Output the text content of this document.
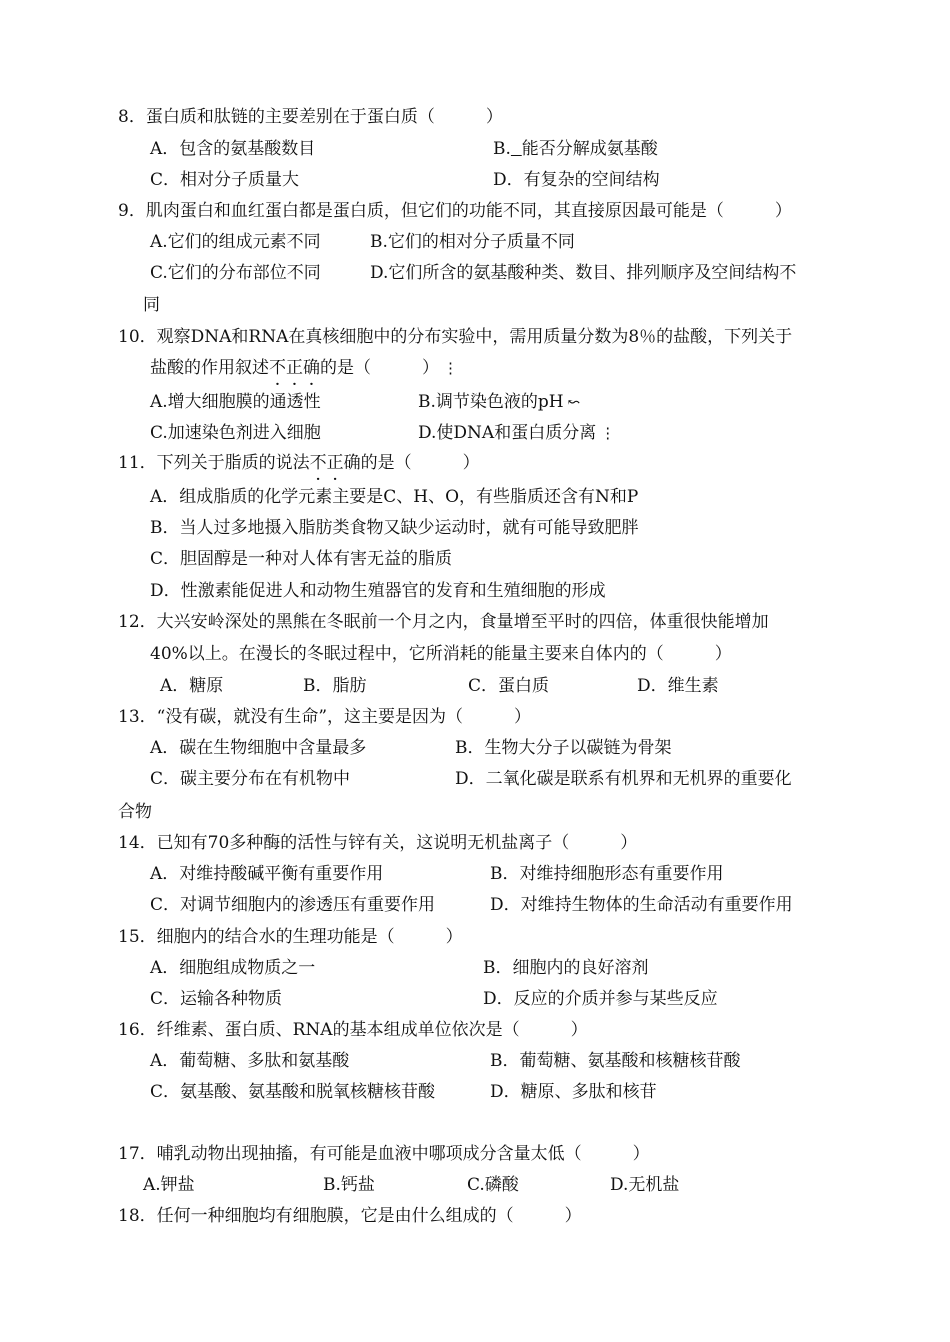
8．蛋白质和肽链的主要差别在于蛋白质（　　　）
A．包含的氨基酸数目	B. 能否分解成氨基酸
C．相对分子质量大	D．有复杂的空间结构
9．肌肉蛋白和血红蛋白都是蛋白质，但它们的功能不同，其直接原因最可能是（　　　）
A.它们的组成元素不同	B.它们的相对分子质量不同
C.它们的分布部位不同	D.它们所含的氨基酸种类、数目、排列顺序及空间结构不
同
10．观察DNA和RNA在真核细胞中的分布实验中，需用质量分数为8％的盐酸，下列关于
盐酸的作用叙述不正确的是（　　　） ⋮
A.增大细胞膜的通透性	B.调节染色液的pH ↜
C.加速染色剂进入细胞	D.使DNA和蛋白质分离 ⋮
11．下列关于脂质的说法不正确的是（　　　）
A．组成脂质的化学元素主要是C、H、O，有些脂质还含有N和P
B．当人过多地摄入脂肪类食物又缺少运动时，就有可能导致肥胖
C．胆固醇是一种对人体有害无益的脂质
D．性激素能促进人和动物生殖器官的发育和生殖细胞的形成
12．大兴安岭深处的黑熊在冬眠前一个月之内，食量增至平时的四倍，体重很快能增加
40%以上。在漫长的冬眠过程中，它所消耗的能量主要来自体内的（　　　）
A．糖原	B．脂肪	C．蛋白质	D．维生素
13．“没有碳，就没有生命”，这主要是因为（　　　）
A．碳在生物细胞中含量最多	B．生物大分子以碳链为骨架
C．碳主要分布在有机物中	D．二氧化碳是联系有机界和无机界的重要化
合物
14．已知有70多种酶的活性与锌有关，这说明无机盐离子（　　　）
A．对维持酸碱平衡有重要作用	B．对维持细胞形态有重要作用
C．对调节细胞内的渗透压有重要作用	D．对维持生物体的生命活动有重要作用
15．细胞内的结合水的生理功能是（　　　）
A．细胞组成物质之一	B．细胞内的良好溶剂
C．运输各种物质	D．反应的介质并参与某些反应
16．纤维素、蛋白质、RNA的基本组成单位依次是（　　　）
A．葡萄糖、多肽和氨基酸	B．葡萄糖、氨基酸和核糖核苷酸
C．氨基酸、氨基酸和脱氧核糖核苷酸	D．糖原、多肽和核苷
17．哺乳动物出现抽搐，有可能是血液中哪项成分含量太低（　　　）
A.钾盐	B.钙盐	C.磷酸	D.无机盐
18．任何一种细胞均有细胞膜，它是由什么组成的（　　　）
